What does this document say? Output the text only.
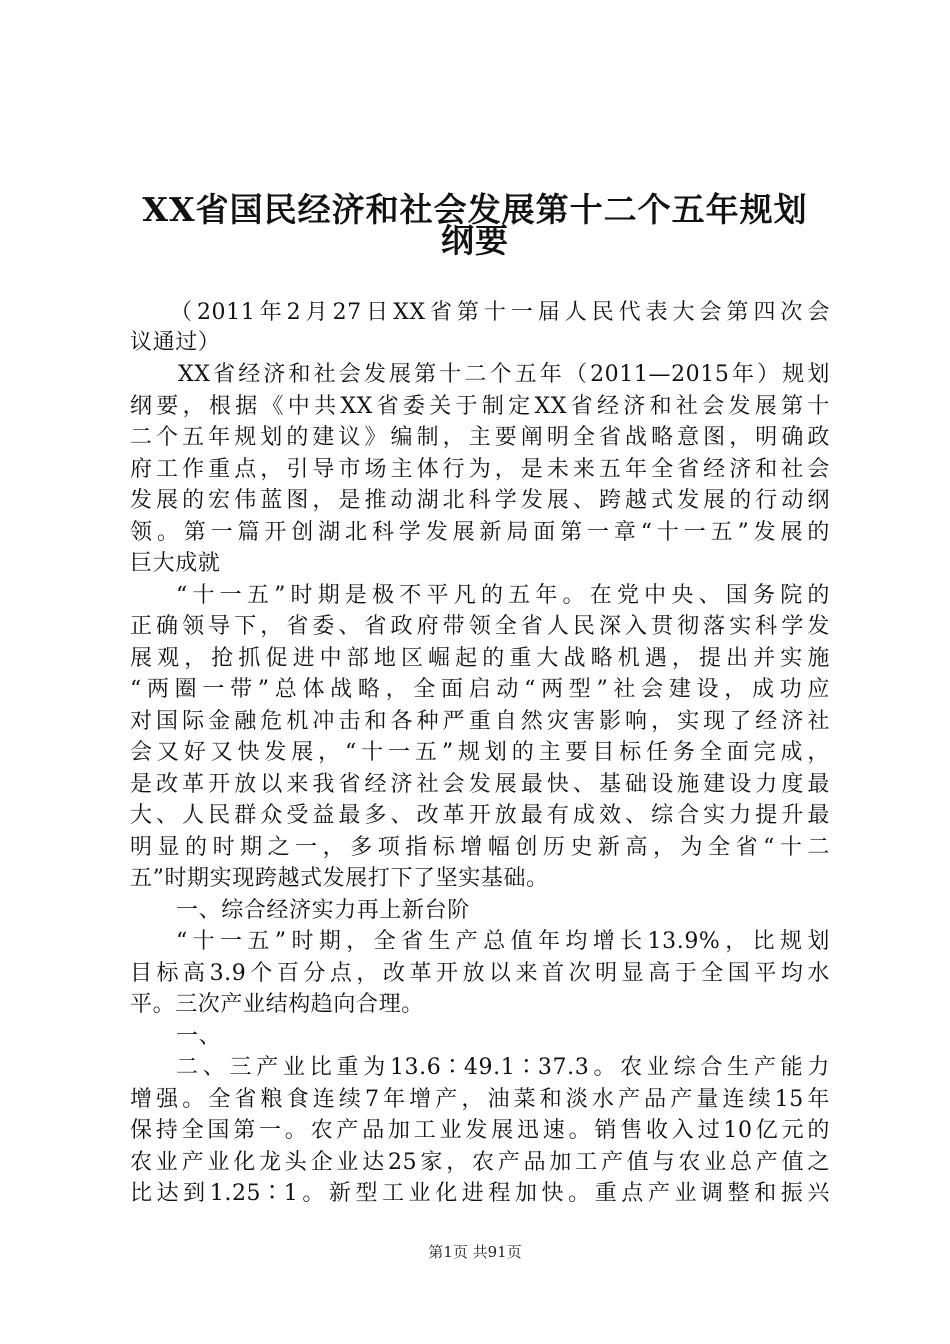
XX省国民经济和社会发展第十二个五年规划
纲要
（2011年2月27日XX省第十一届人民代表大会第四次会
议通过）
XX省经济和社会发展第十二个五年（2011—2015年）规划
纲要，根据《中共XX省委关于制定XX省经济和社会发展第十
二个五年规划的建议》编制，主要阐明全省战略意图，明确政
府工作重点，引导市场主体行为，是未来五年全省经济和社会
发展的宏伟蓝图，是推动湖北科学发展、跨越式发展的行动纲
领。第一篇开创湖北科学发展新局面第一章“十一五”发展的
巨大成就
“十一五”时期是极不平凡的五年。在党中央、国务院的
正确领导下，省委、省政府带领全省人民深入贯彻落实科学发
展观，抢抓促进中部地区崛起的重大战略机遇，提出并实施
“两圈一带”总体战略，全面启动“两型”社会建设，成功应
对国际金融危机冲击和各种严重自然灾害影响，实现了经济社
会又好又快发展，“十一五”规划的主要目标任务全面完成，
是改革开放以来我省经济社会发展最快、基础设施建设力度最
大、人民群众受益最多、改革开放最有成效、综合实力提升最
明显的时期之一，多项指标增幅创历史新高，为全省“十二
五”时期实现跨越式发展打下了坚实基础。
一、综合经济实力再上新台阶
“十一五”时期，全省生产总值年均增长13.9%，比规划
目标高3.9个百分点，改革开放以来首次明显高于全国平均水
平。三次产业结构趋向合理。
一、
二、三产业比重为13.6∶49.1∶37.3。农业综合生产能力
增强。全省粮食连续7年增产，油菜和淡水产品产量连续15年
保持全国第一。农产品加工业发展迅速。销售收入过10亿元的
农业产业化龙头企业达25家，农产品加工产值与农业总产值之
比达到1.25∶1。新型工业化进程加快。重点产业调整和振兴
第1页 共91页
